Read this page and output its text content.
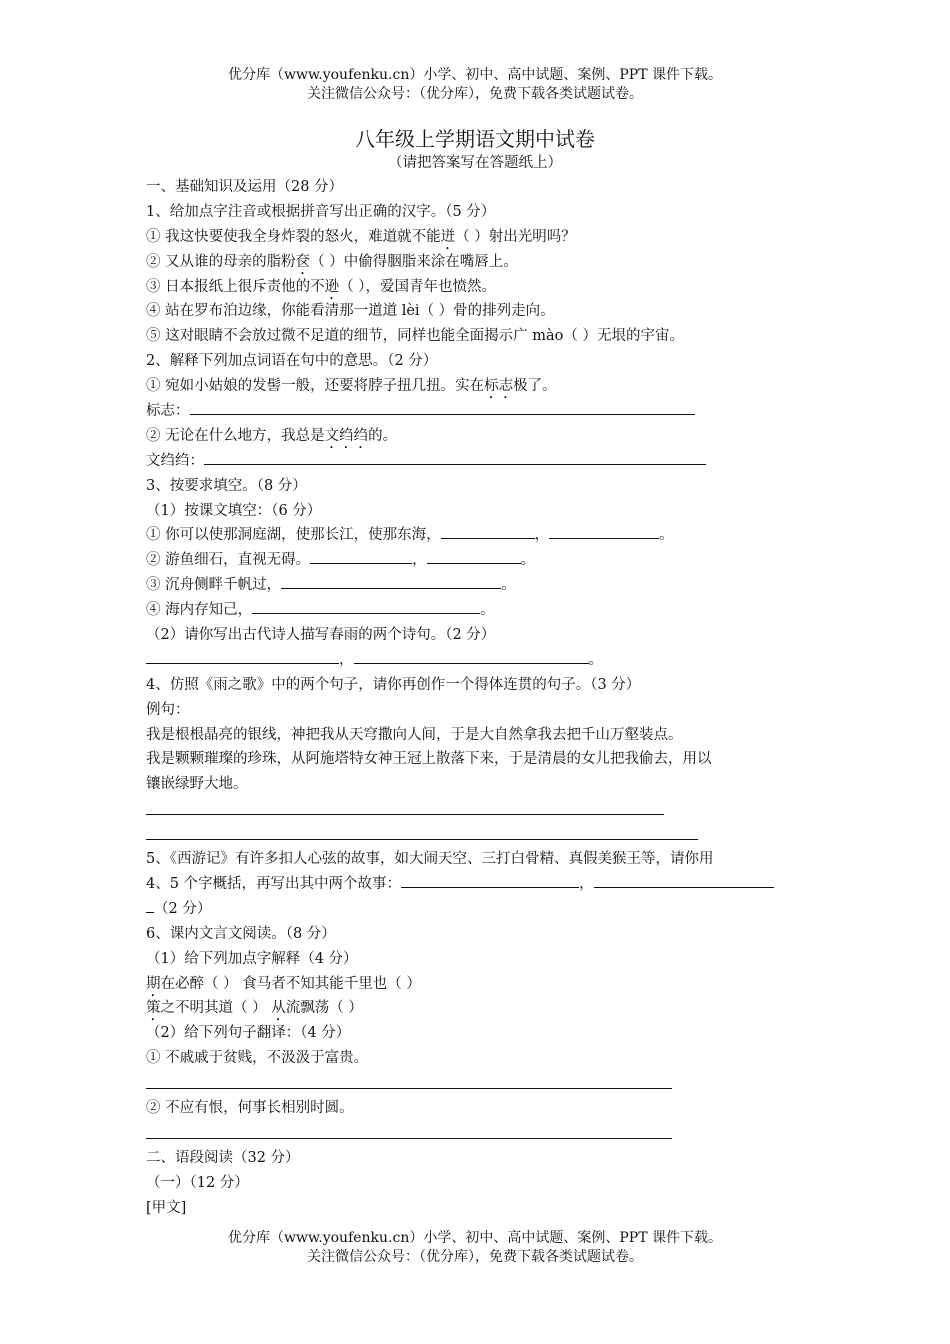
优分库（www.youfenku.cn）小学、初中、高中试题、案例、PPT 课件下载。
关注微信公众号：（优分库），免费下载各类试题试卷。
八年级上学期语文期中试卷
（请把答案写在答题纸上）
一、基础知识及运用（28 分）
1、给加点字注音或根据拼音写出正确的汉字。（5 分）
① 我这快要使我全身炸裂的怒火，难道就不能迸（ ）射出光明吗？
② 又从谁的母亲的脂粉奁（ ）中偷得胭脂来涂在嘴唇上。
③ 日本报纸上很斥责他的不逊（ ），爱国青年也愤然。
④ 站在罗布泊边缘，你能看清那一道道 lèi（ ）骨的排列走向。
⑤ 这对眼睛不会放过微不足道的细节，同样也能全面揭示广 mào（ ）无垠的宇宙。
2、解释下列加点词语在句中的意思。（2 分）
① 宛如小姑娘的发髻一般，还要将脖子扭几扭。实在标志极了。
标志：
② 无论在什么地方，我总是文绉绉的。
文绉绉：
3、按要求填空。（8 分）
（1）按课文填空：（6 分）
① 你可以使那洞庭湖，使那长江，使那东海，	，	。
② 游鱼细石，直视无碍。	，	。
③ 沉舟侧畔千帆过，	。
④ 海内存知己，	。
（2）请你写出古代诗人描写春雨的两个诗句。（2 分）
，	。
4、仿照《雨之歌》中的两个句子，请你再创作一个得体连贯的句子。（3 分）
例句：
我是根根晶亮的银线，神把我从天穹撒向人间，于是大自然拿我去把千山万壑装点。
我是颗颗璀璨的珍珠，从阿施塔特女神王冠上散落下来，于是清晨的女儿把我偷去，用以
镶嵌绿野大地。
5、《西游记》有许多扣人心弦的故事，如大闹天空、三打白骨精、真假美猴王等，请你用
4、5 个字概括，再写出其中两个故事：	，
（2 分）
6、课内文言文阅读。（8 分）
（1）给下列加点字解释（4 分）
期在必醉（ ） 食马者不知其能千里也（ ）
策之不明其道（ ） 从流飘荡（ ）
（2）给下列句子翻译：（4 分）
① 不戚戚于贫贱，不汲汲于富贵。
② 不应有恨，何事长相别时圆。
二、语段阅读（32 分）
（一）（12 分）
[甲文]
优分库（www.youfenku.cn）小学、初中、高中试题、案例、PPT 课件下载。
关注微信公众号：（优分库），免费下载各类试题试卷。
